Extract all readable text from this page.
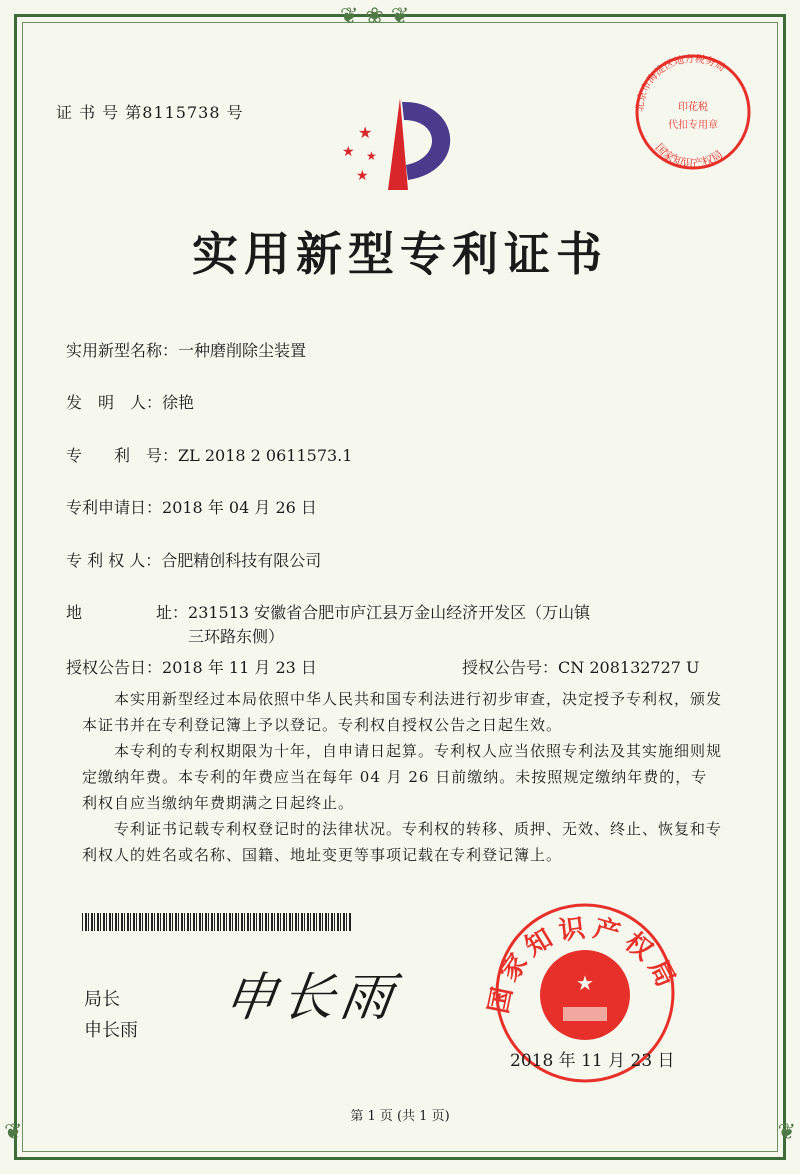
❦ ❀ ❦
❦	❦
证 书 号 第8115738 号
★
★ ★
★
北京市海淀区地方税务局
国家知识产权局
印花税
代扣专用章
实用新型专利证书
实用新型名称：一种磨削除尘装置
发　明　人：徐艳
专　　利　号：ZL 2018 2 0611573.1
专利申请日：2018 年 04 月 26 日
专 利 权 人：合肥精创科技有限公司
地	址：231513 安徽省合肥市庐江县万金山经济开发区（万山镇
三环路东侧）
授权公告日：2018 年 11 月 23 日	授权公告号：CN 208132727 U
本实用新型经过本局依照中华人民共和国专利法进行初步审查，决定授予专利权，颁发本证书并在专利登记簿上予以登记。专利权自授权公告之日起生效。
本专利的专利权期限为十年，自申请日起算。专利权人应当依照专利法及其实施细则规定缴纳年费。本专利的年费应当在每年 04 月 26 日前缴纳。未按照规定缴纳年费的，专利权自应当缴纳年费期满之日起终止。
专利证书记载专利权登记时的法律状况。专利权的转移、质押、无效、终止、恢复和专利权人的姓名或名称、国籍、地址变更等事项记载在专利登记簿上。
局长
申长雨
申长雨	国家知识产权局
★
2018 年 11 月 23 日
第 1 页 (共 1 页)
